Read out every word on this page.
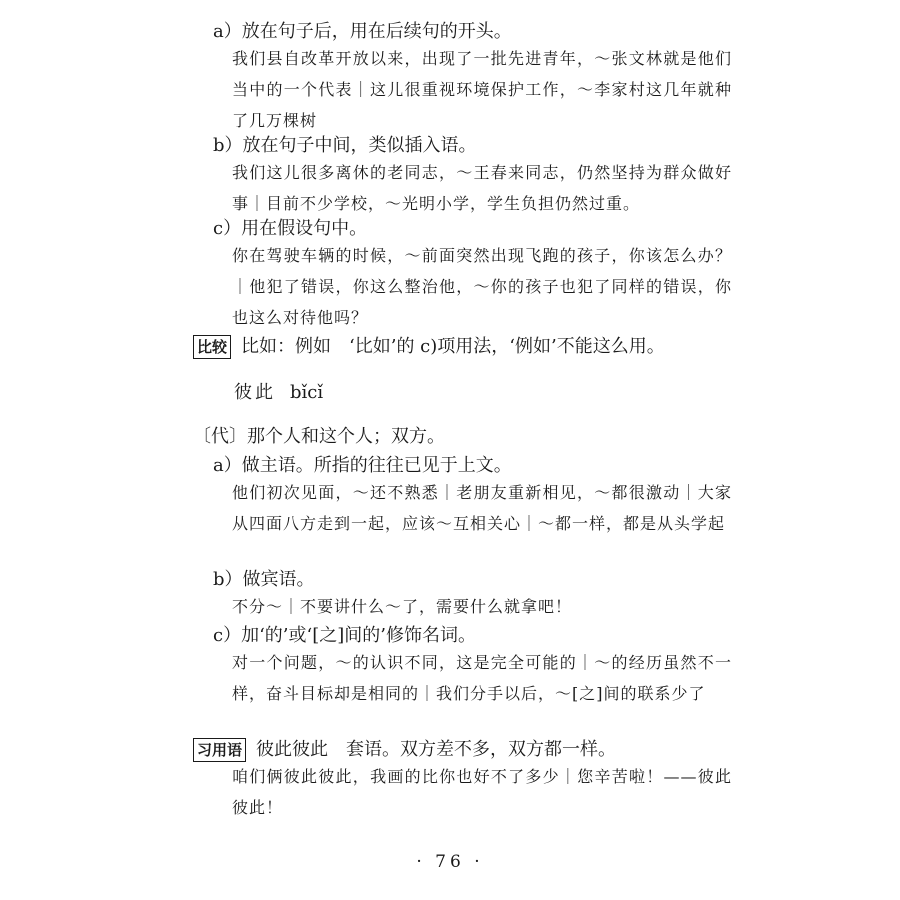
a）放在句子后，用在后续句的开头。
我们县自改革开放以来，出现了一批先进青年，～张文林就是他们当中的一个代表｜这儿很重视环境保护工作，～李家村这几年就种了几万棵树
b）放在句子中间，类似插入语。
我们这儿很多离休的老同志，～王春来同志，仍然坚持为群众做好事｜目前不少学校，～光明小学，学生负担仍然过重。
c）用在假设句中。
你在驾驶车辆的时候，～前面突然出现飞跑的孩子，你该怎么办？｜他犯了错误，你这么整治他，～你的孩子也犯了同样的错误，你也这么对待他吗？
比较 比如：例如　‘比如’的 c)项用法，‘例如’不能这么用。
彼此 bǐcǐ
〔代〕那个人和这个人；双方。
a）做主语。所指的往往已见于上文。
他们初次见面，～还不熟悉｜老朋友重新相见，～都很激动｜大家从四面八方走到一起，应该～互相关心｜～都一样，都是从头学起
b）做宾语。
不分～｜不要讲什么～了，需要什么就拿吧！
c）加‘的’或‘[之]间的’修饰名词。
对一个问题，～的认识不同，这是完全可能的｜～的经历虽然不一样，奋斗目标却是相同的｜我们分手以后，～[之]间的联系少了
习用语 彼此彼此　套语。双方差不多，双方都一样。
咱们俩彼此彼此，我画的比你也好不了多少｜您辛苦啦！——彼此彼此！
· 76 ·
